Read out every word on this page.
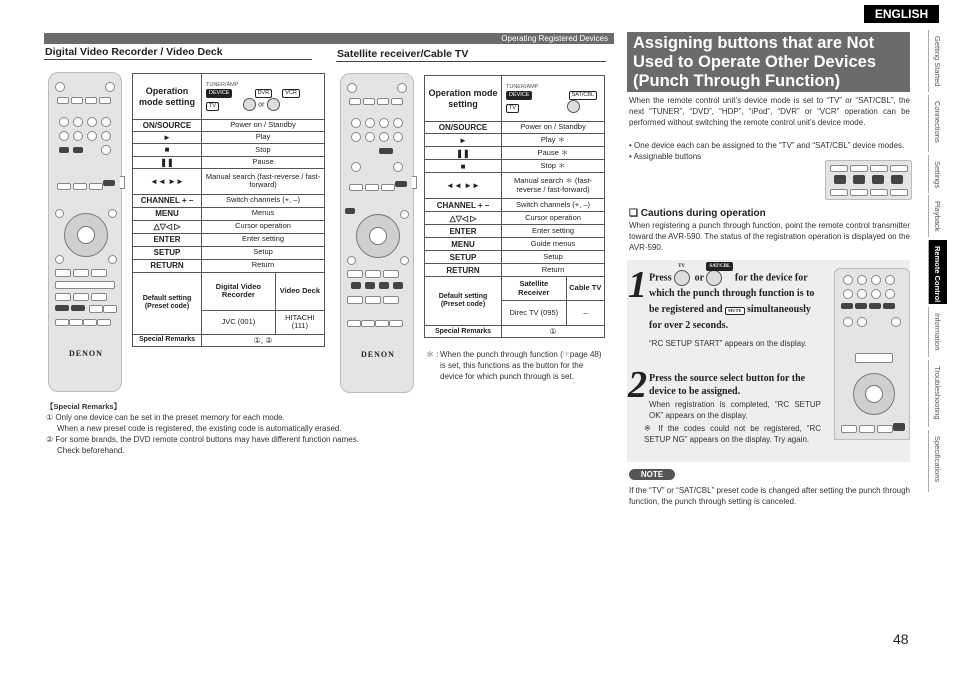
Operating Registered Devices
ENGLISH
Digital Video Recorder / Video Deck
DENON
Operation mode setting	TUNER/AMP
DEVICE DVR VCR
TV or	
ON/SOURCE	Power on / Standby	
►	Play	
■	Stop	
❚❚	Pause	
◄◄ ►►	Manual search (fast-reverse / fast-forward)	
CHANNEL + –	Switch channels (+, –)	
MENU	Menus	
△▽◁ ▷	Cursor operation	
ENTER	Enter setting	
SETUP	Setup	
RETURN	Return	
Default setting (Preset code)	Digital Video Recorder	Video Deck
	JVC (001)	HITACHI (111)
Special Remarks	①, ②	
【Special Remarks】
① Only one device can be set in the preset memory for each mode.
When a new preset code is registered, the existing code is automatically erased.
② For some brands, the DVD remote control buttons may have different function names.
Check beforehand.
Satellite receiver/Cable TV
DENON
Operation mode setting	TUNER/AMP
DEVICE SAT/CBL
TV	
ON/SOURCE	Power on / Standby	
►	Play ＊	
❚❚	Pause ＊	
■	Stop ＊	
◄◄ ►►	Manual search ＊ (fast-reverse / fast-forward)	
CHANNEL + –	Switch channels (+, –)	
△▽◁ ▷	Cursor operation	
ENTER	Enter setting	
MENU	Guide menus	
SETUP	Setup	
RETURN	Return	
Default setting (Preset code)	Satellite Receiver	Cable TV
	Direc TV (095)	–
Special Remarks	①	
＊ : When the punch through function (☞page 48) is set, this functions as the button for the device for which punch through is set.
Assigning buttons that are Not Used to Operate Other Devices (Punch Through Function)
When the remote control unit’s device mode is set to “TV” or “SAT/CBL”, the next “TUNER”, “DVD”, “HDP”, “iPod”, “DVR” or “VCR” operation can be performed without switching the remote control unit’s device mode.
• One device each can be assigned to the “TV” and “SAT/CBL” device modes.
• Assignable buttons
❑ Cautions during operation
When registering a punch through function, point the remote control transmitter toward the AVR-590. The status of the registration operation is displayed on the AVR-590.
1 Press
TV
or
SAT/CBL
for the device for which the punch through function is to be registered and MUTE simultaneously for over 2 seconds.
“RC SETUP START” appears on the display.
2 Press the source select button for the device to be assigned.
When registration is completed, “RC SETUP OK” appears on the display.
※ If the codes could not be registered, “RC SETUP NG” appears on the display. Try again.
NOTE
If the “TV” or “SAT/CBL” preset code is changed after setting the punch through function, the punch through setting is canceled.
48
Getting Started
Connections
Settings
Playback
Remote Control
Information
Troubleshooting
Specifications
